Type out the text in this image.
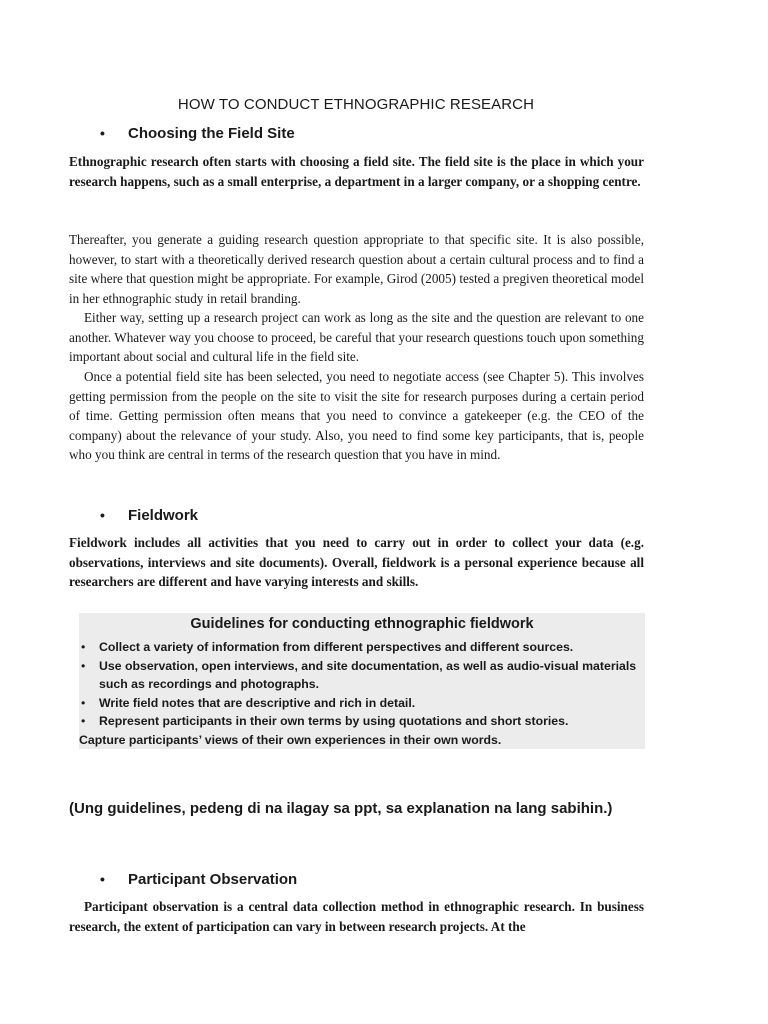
HOW TO CONDUCT ETHNOGRAPHIC RESEARCH
• Choosing the Field Site

Ethnographic research often starts with choosing a field site. The field site is the place in which your research happens, such as a small enterprise, a department in a larger company, or a shopping centre.

Thereafter, you generate a guiding research question appropriate to that specific site. It is also possible, however, to start with a theoretically derived research question about a certain cultural process and to find a site where that question might be appropriate. For example, Girod (2005) tested a pregiven theoretical model in her ethnographic study in retail branding.

Either way, setting up a research project can work as long as the site and the question are relevant to one another. Whatever way you choose to proceed, be careful that your research questions touch upon something important about social and cultural life in the field site.

Once a potential field site has been selected, you need to negotiate access (see Chapter 5). This involves getting permission from the people on the site to visit the site for research purposes during a certain period of time. Getting permission often means that you need to convince a gatekeeper (e.g. the CEO of the company) about the relevance of your study. Also, you need to find some key participants, that is, people who you think are central in terms of the research question that you have in mind.

• Fieldwork

Fieldwork includes all activities that you need to carry out in order to collect your data (e.g. observations, interviews and site documents). Overall, fieldwork is a personal experience because all researchers are different and have varying interests and skills.

Guidelines for conducting ethnographic fieldwork
• Collect a variety of information from different perspectives and different sources.
• Use observation, open interviews, and site documentation, as well as audio-visual materials such as recordings and photographs.
• Write field notes that are descriptive and rich in detail.
• Represent participants in their own terms by using quotations and short stories.
Capture participants’ views of their own experiences in their own words.
(Ung guidelines, pedeng di na ilagay sa ppt, sa explanation na lang sabihin.)
• Participant Observation

Participant observation is a central data collection method in ethnographic research. In business research, the extent of participation can vary in between research projects. At the
